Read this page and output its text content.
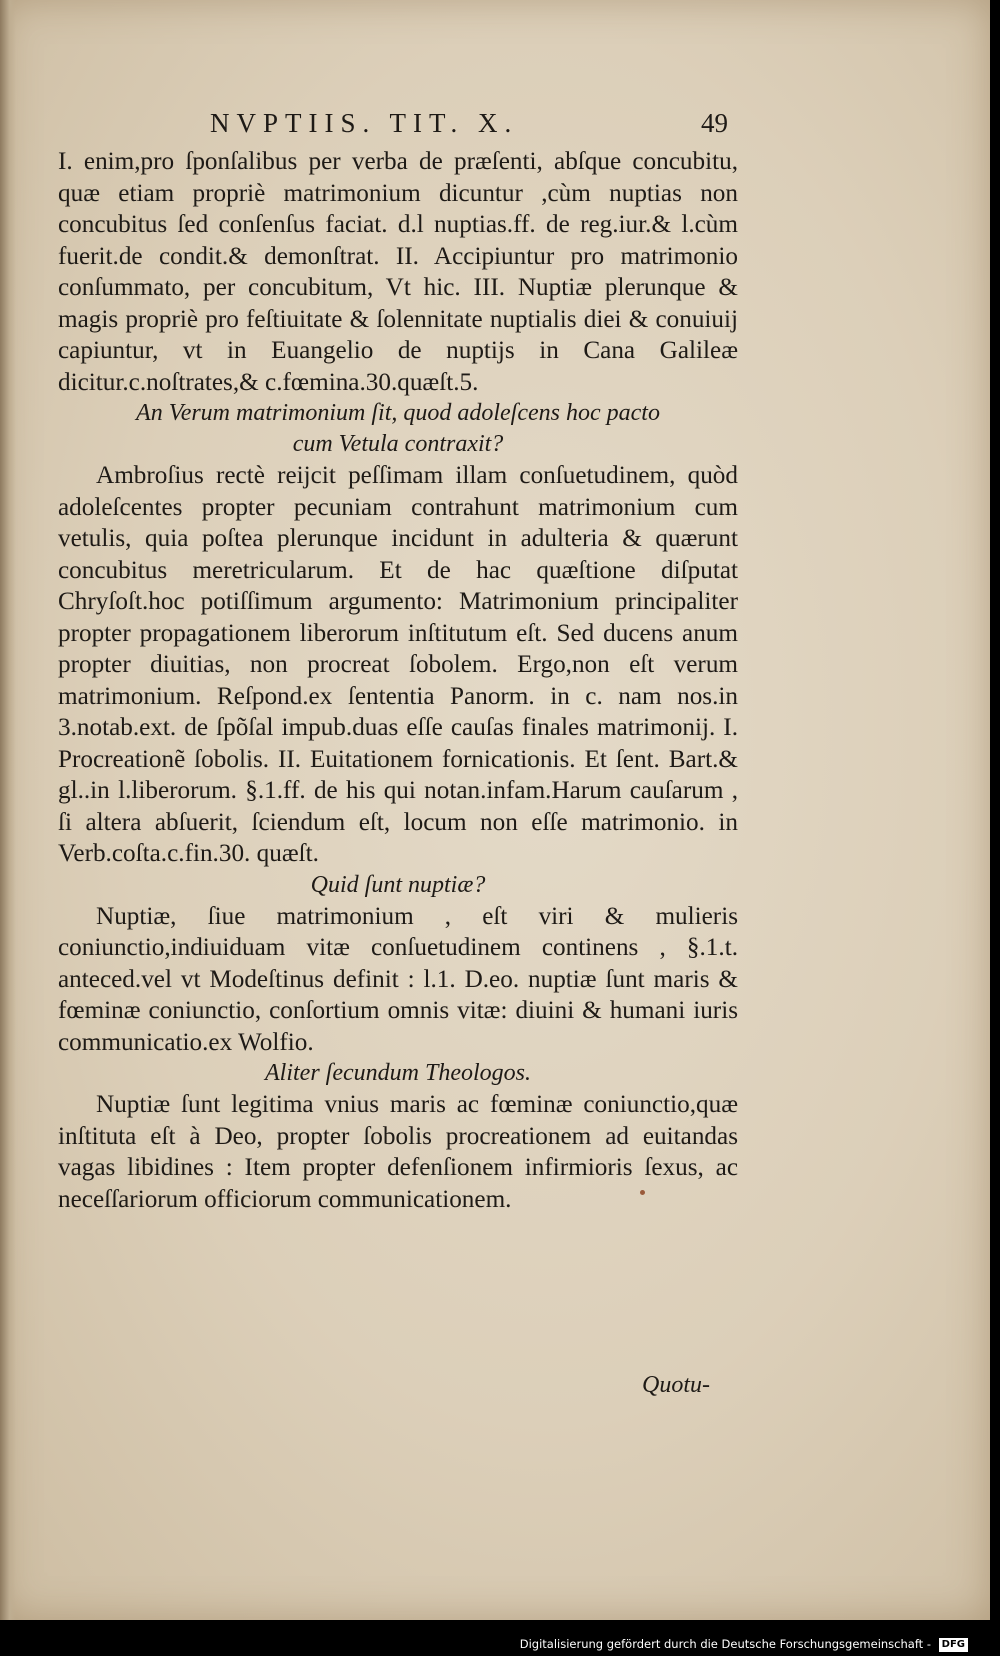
NVPTIIS. TIT. X.	49

I. enim,pro ſponſalibus per verba de præſenti, abſque concubitu, quæ etiam propriè matrimonium dicuntur ,cùm nuptias non concubitus ſed conſenſus faciat. d.l nuptias.ff. de reg.iur.& l.cùm fuerit.de condit.& demonſtrat. II. Accipiuntur pro matrimonio conſummato, per concubitum, Vt hic. III. Nuptiæ plerunque & magis propriè pro feſtiuitate & ſolennitate nuptialis diei & conuiuij capiuntur, vt in Euangelio de nuptijs in Cana Galileæ dicitur.c.noſtrates,& c.fœmina.30.quæſt.5.

An Verum matrimonium ſit, quod adoleſcens hoc pacto
cum Vetula contraxit?

Ambroſius rectè reijcit peſſimam illam conſuetudinem, quòd adoleſcentes propter pecuniam contrahunt matrimonium cum vetulis, quia poſtea plerunque incidunt in adulteria & quærunt concubitus meretricularum. Et de hac quæſtione diſputat Chryſoſt.hoc potiſſimum argumento: Matrimonium principaliter propter propagationem liberorum inſtitutum eſt. Sed ducens anum propter diuitias, non procreat ſobolem. Ergo,non eſt verum matrimonium. Reſpond.ex ſententia Panorm. in c. nam nos.in 3.notab.ext. de ſpõſal impub.duas eſſe cauſas finales matrimonij. I. Procreationẽ ſobolis. II. Euitationem fornicationis. Et ſent. Bart.& gl..in l.liberorum. §.1.ff. de his qui notan.infam.Harum cauſarum , ſi altera abſuerit, ſciendum eſt, locum non eſſe matrimonio. in Verb.coſta.c.fin.30. quæſt.

Quid ſunt nuptiæ?

Nuptiæ, ſiue matrimonium , eſt viri & mulieris coniunctio,indiuiduam vitæ conſuetudinem continens , §.1.t. anteced.vel vt Modeſtinus definit : l.1. D.eo. nuptiæ ſunt maris & fœminæ coniunctio, conſortium omnis vitæ: diuini & humani iuris communicatio.ex Wolfio.

Aliter ſecundum Theologos.

Nuptiæ ſunt legitima vnius maris ac fœminæ coniunctio,quæ inſtituta eſt à Deo, propter ſobolis procreationem ad euitandas vagas libidines : Item propter defenſionem infirmioris ſexus, ac neceſſariorum officiorum communicationem.

Quotu-
Digitalisierung gefördert durch die Deutsche Forschungsgemeinschaft - DFG
